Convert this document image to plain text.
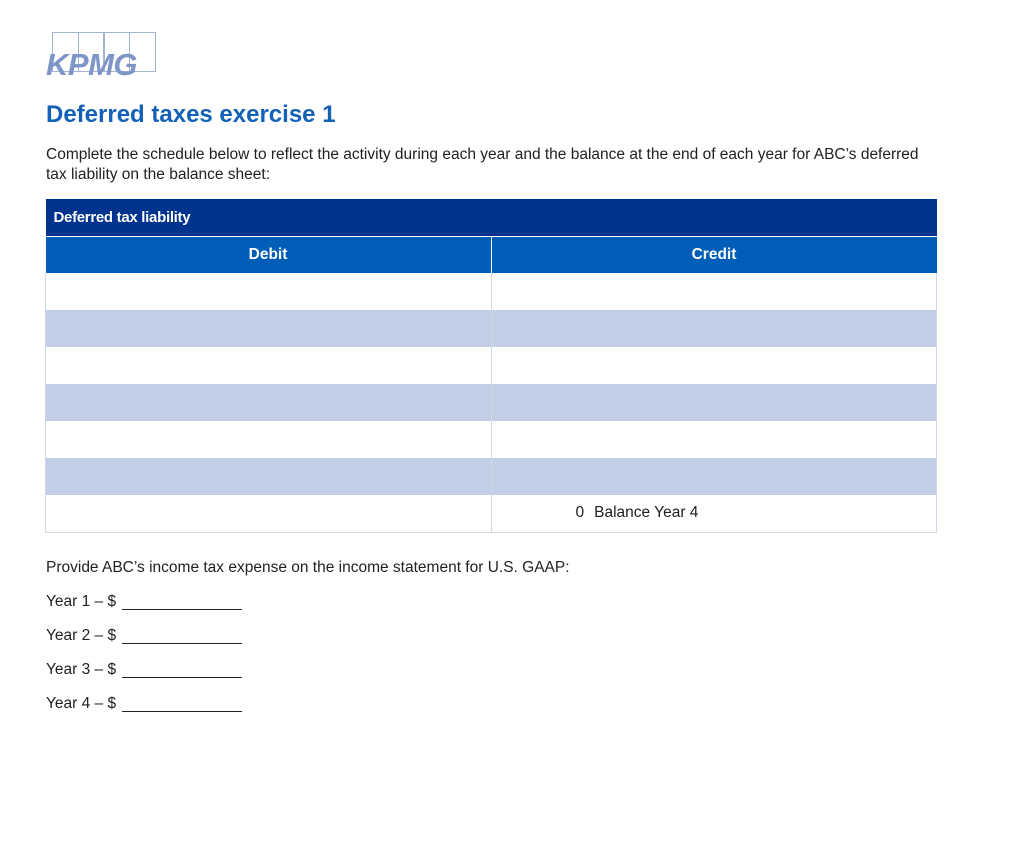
KPMG
Deferred taxes exercise 1

Complete the schedule below to reflect the activity during each year and the balance at the end of each year for ABC’s deferred tax liability on the balance sheet:

Deferred tax liability	
Debit	Credit

	0 Balance Year 4

Provide ABC’s income tax expense on the income statement for U.S. GAAP:

Year 1 – $
Year 2 – $
Year 3 – $
Year 4 – $
